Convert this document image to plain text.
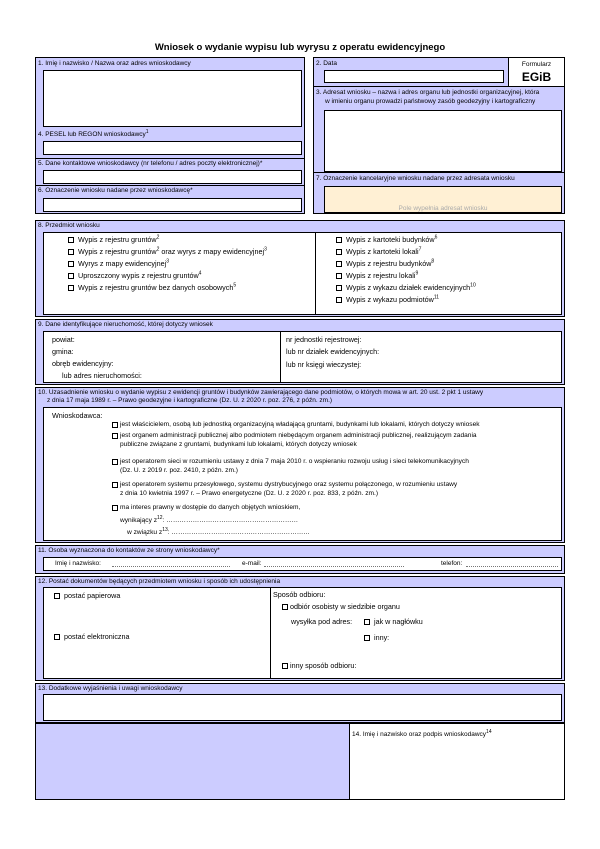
Wniosek o wydanie wypisu lub wyrysu z operatu ewidencyjnego
1. Imię i nazwisko / Nazwa oraz adres wnioskodawcy
4. PESEL lub REGON wnioskodawcy$^1$
5. Dane kontaktowe wnioskodawcy (nr telefonu / adres poczty elektronicznej)*
6. Oznaczenie wniosku nadane przez wnioskodawcę*
2. Data	Formularz
EGiB
3. Adresat wniosku – nazwa i adres organu lub jednostki organizacyjnej, która
w imieniu organu prowadzi państwowy zasób geodezyjny i kartograficzny
7. Oznaczenie kancelaryjne wniosku nadane przez adresata wniosku
Pole wypełnia adresat wniosku
8. Przedmiot wniosku
Wypis z rejestru gruntów$^2$
Wypis z rejestru gruntów$^2$ oraz wyrys z mapy ewidencyjnej$^3$
Wyrys z mapy ewidencyjnej$^3$
Uproszczony wypis z rejestru gruntów$^4$
Wypis z rejestru gruntów bez danych osobowych$^5$
Wypis z kartoteki budynków$^6$
Wypis z kartoteki lokali$^7$
Wypis z rejestru budynków$^8$
Wypis z rejestru lokali$^9$
Wypis z wykazu działek ewidencyjnych$^{10}$
Wypis z wykazu podmiotów$^{11}$
9. Dane identyfikujące nieruchomość, której dotyczy wniosek
powiat:
gmina:
obręb ewidencyjny:
lub adres nieruchomości:
nr jednostki rejestrowej:
lub nr działek ewidencyjnych:
lub nr księgi wieczystej:
10. Uzasadnienie wniosku o wydanie wypisu z ewidencji gruntów i budynków zawierającego dane podmiotów, o których mowa w art. 20 ust. 2 pkt 1 ustawy
z dnia 17 maja 1989 r. – Prawo geodezyjne i kartograficzne (Dz. U. z 2020 r. poz. 276, z późn. zm.)
Wnioskodawca:
jest właścicielem, osobą lub jednostką organizacyjną władającą gruntami, budynkami lub lokalami, których dotyczy wniosek
jest organem administracji publicznej albo podmiotem niebędącym organem administracji publicznej, realizującym zadania
publiczne związane z gruntami, budynkami lub lokalami, których dotyczy wniosek
jest operatorem sieci w rozumieniu ustawy z dnia 7 maja 2010 r. o wspieraniu rozwoju usług i sieci telekomunikacyjnych
(Dz. U. z 2019 r. poz. 2410, z późn. zm.)
jest operatorem systemu przesyłowego, systemu dystrybucyjnego oraz systemu połączonego, w rozumieniu ustawy
z dnia 10 kwietnia 1997 r. – Prawo energetyczne (Dz. U. z 2020 r. poz. 833, z późn. zm.)
ma interes prawny w dostępie do danych objętych wnioskiem,
wynikający $z^{12}$: ……………………………………………………
w związku $z^{13}$: ………………………………………………………
11. Osoba wyznaczona do kontaktów ze strony wnioskodawcy*
Imię i nazwisko:	e-mail:	telefon:
12. Postać dokumentów będących przedmiotem wniosku i sposób ich udostępnienia
postać papierowa
postać elektroniczna
Sposób odbioru:
odbiór osobisty w siedzibie organu
wysyłka pod adres:	jak w nagłówku
inny:
inny sposób odbioru:
13. Dodatkowe wyjaśnienia i uwagi wnioskodawcy
14. Imię i nazwisko oraz podpis wnioskodawcy$^{14}$
